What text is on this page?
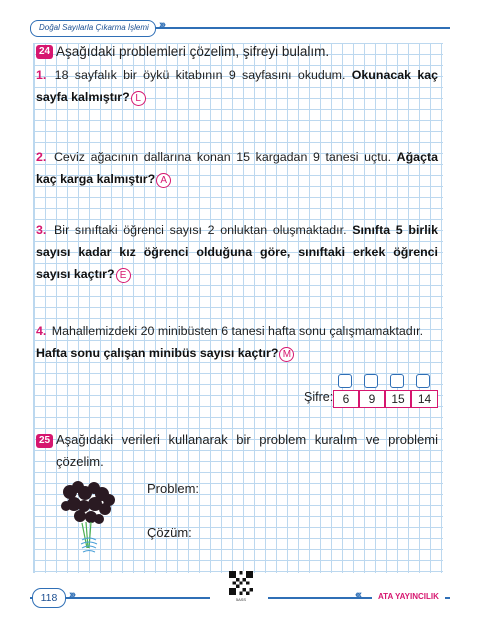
Doğal Sayılarla Çıkarma İşlemi ›››
24 Aşağıdaki problemleri çözelim, şifreyi bulalım.
1. 18 sayfalık bir öykü kitabının 9 sayfasını okudum. Okunacak kaç sayfa kalmıştır? L
2. Ceviz ağacının dallarına konan 15 kargadan 9 tanesi uçtu. Ağaçta kaç karga kalmıştır? A
3. Bir sınıftaki öğrenci sayısı 2 onluktan oluşmaktadır. Sınıfta 5 birlik sayısı kadar kız öğrenci olduğuna göre, sınıftaki erkek öğrenci sayısı kaçtır? E
4. Mahallemizdeki 20 minibüsten 6 tanesi hafta sonu çalışmamaktadır. Hafta sonu çalışan minibüs sayısı kaçtır? M
Şifre: 6	9	15	14
25 Aşağıdaki verileri kullanarak bir problem kuralım ve problemi çözelim.
Problem:
Çözüm:
118	›››	‹‹‹	ATA YAYINCILIK
5ASS
